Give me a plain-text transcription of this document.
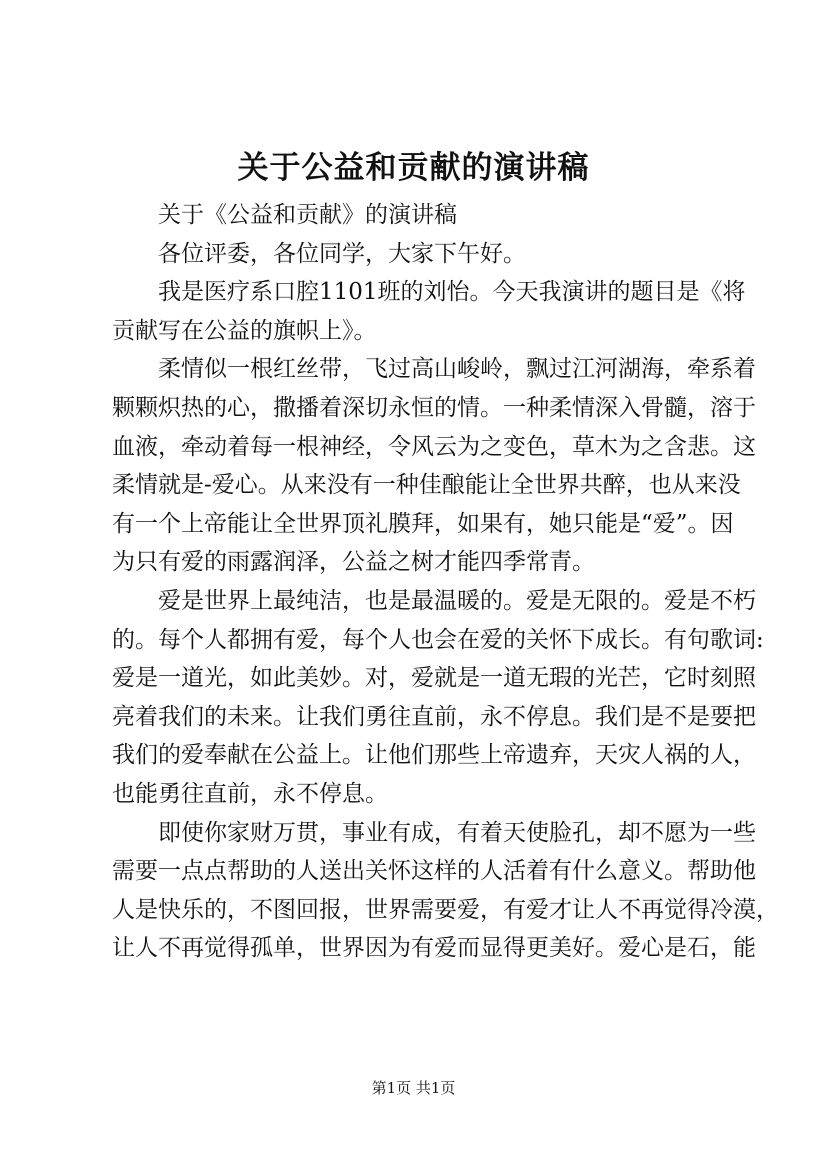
关于公益和贡献的演讲稿
关于《公益和贡献》的演讲稿
各位评委，各位同学，大家下午好。
我是医疗系口腔1101班的刘怡。今天我演讲的题目是《将
贡献写在公益的旗帜上》。
柔情似一根红丝带，飞过高山峻岭，飘过江河湖海，牵系着
颗颗炽热的心，撒播着深切永恒的情。一种柔情深入骨髓，溶于
血液，牵动着每一根神经，令风云为之变色，草木为之含悲。这
柔情就是-爱心。从来没有一种佳酿能让全世界共醉，也从来没
有一个上帝能让全世界顶礼膜拜，如果有，她只能是“爱”。因
为只有爱的雨露润泽，公益之树才能四季常青。
爱是世界上最纯洁，也是最温暖的。爱是无限的。爱是不朽
的。每个人都拥有爱，每个人也会在爱的关怀下成长。有句歌词:
爱是一道光，如此美妙。对，爱就是一道无瑕的光芒，它时刻照
亮着我们的未来。让我们勇往直前，永不停息。我们是不是要把
我们的爱奉献在公益上。让他们那些上帝遗弃，天灾人祸的人，
也能勇往直前，永不停息。
即使你家财万贯，事业有成，有着天使脸孔，却不愿为一些
需要一点点帮助的人送出关怀这样的人活着有什么意义。帮助他
人是快乐的，不图回报，世界需要爱，有爱才让人不再觉得冷漠，
让人不再觉得孤单，世界因为有爱而显得更美好。爱心是石，能
第1页 共1页
